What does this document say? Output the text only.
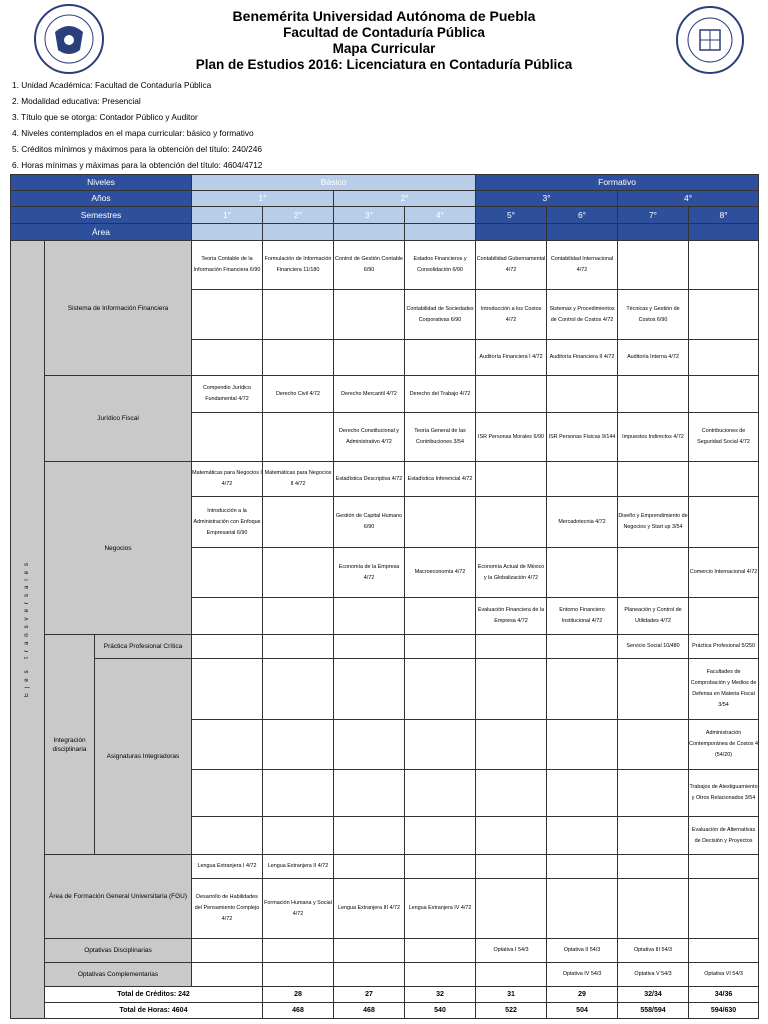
Benemérita Universidad Autónoma de Puebla
Facultad de Contaduría Pública
Mapa Curricular
Plan de Estudios 2016: Licenciatura en Contaduría Pública
1. Unidad Académica: Facultad de Contaduría Pública
2. Modalidad educativa: Presencial
3. Título que se otorga: Contador Público y Auditor
4. Niveles contemplados en el mapa curricular: básico y formativo
5. Créditos mínimos y máximos para la obtención del título: 240/246
6. Horas mínimas y máximas para la obtención del título: 4604/4712
Niveles			Básico				Formativo				
Años			1°		2°		3°		4°		
Semestres			1°	2°	3°	4°	5°	6°	7°	8°	
Área											
Ejes transversales	Sistema de Información Financiera		Teoría Contable de la Información Financiera 6/90	Formulación de Información Financiera 11/180	Control de Gestión Contable 6/90	Estados Financieros y Consolidación 6/90	Contabilidad Gubernamental 4/72	Contabilidad Internacional 4/72			
						Contabilidad de Sociedades Corporativas 6/90	Introducción a los Costos 4/72	Sistemas y Procedimientos de Control de Costos 4/72	Técnicas y Gestión de Costos 6/90		
							Auditoría Financiera I 4/72	Auditoría Financiera II 4/72	Auditoría Interna 4/72		
	Jurídico Fiscal		Compendio Jurídico Fundamental 4/72	Derecho Civil 4/72	Derecho Mercantil 4/72	Derecho del Trabajo 4/72					
					Derecho Constitucional y Administrativo 4/72	Teoría General de las Contribuciones 3/54	ISR Personas Morales 6/90	ISR Personas Físicas 9/144	Impuestos Indirectos 4/72	Contribuciones de Seguridad Social 4/72	
	Negocios		Matemáticas para Negocios I 4/72	Matemáticas para Negocios II 4/72	Estadística Descriptiva 4/72	Estadística Inferencial 4/72					
			Introducción a la Administración con Enfoque Empresarial 6/90		Gestión de Capital Humano 6/90			Mercadotecnia 4/72	Diseño y Emprendimiento de Negocios y Start up 3/54		
					Economía de la Empresa 4/72	Macroeconomía 4/72	Economía Actual de México y la Globalización 4/72			Comercio Internacional 4/72	
							Evaluación Financiera de la Empresa 4/72	Entorno Financiero Institucional 4/72	Planeación y Control de Utilidades 4/72		
	Integración disciplinaria	Práctica Profesional Crítica							Servicio Social 10/480	Práctica Profesional 5/250	
		Asignaturas Integradoras								Facultades de Comprobación y Medios de Defensa en Materia Fiscal 3/54	
										Administración Contemporánea de Costos 4 (54/20)	
										Trabajos de Atestiguamiento y Otros Relacionados 3/54	
										Evaluación de Alternativas de Decisión y Proyectos	
	Área de Formación General Universitaria (FGU)		Lengua Extranjera I 4/72	Lengua Extranjera II 4/72							
			Desarrollo de Habilidades del Pensamiento Complejo 4/72	Formación Humana y Social 4/72	Lengua Extranjera III 4/72	Lengua Extranjera IV 4/72					
	Optativas Disciplinarias						Optativa I 54/3	Optativa II 54/3	Optativa III 54/3		
	Optativas Complementarias							Optativa IV 54/3	Optativa V 54/3	Optativa VI 54/3	
	Total de Créditos: 242			28	27	32	31	29	32/34	34/36	
	Total de Horas: 4604			468	468	540	522	504	558/594	594/630	
